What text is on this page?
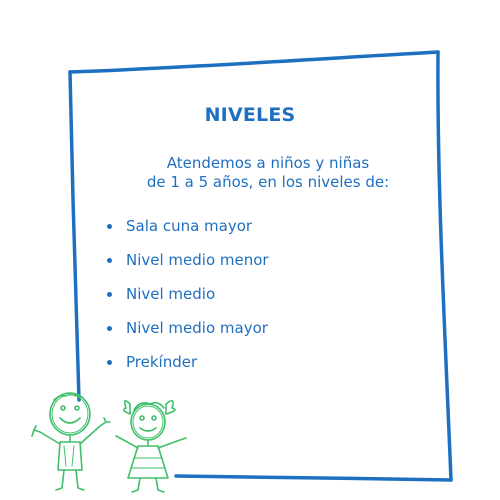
NIVELES
Atendemos a niños y niñas
de 1 a 5 años, en los niveles de:
Sala cuna mayor
Nivel medio menor
Nivel medio
Nivel medio mayor
Prekínder
